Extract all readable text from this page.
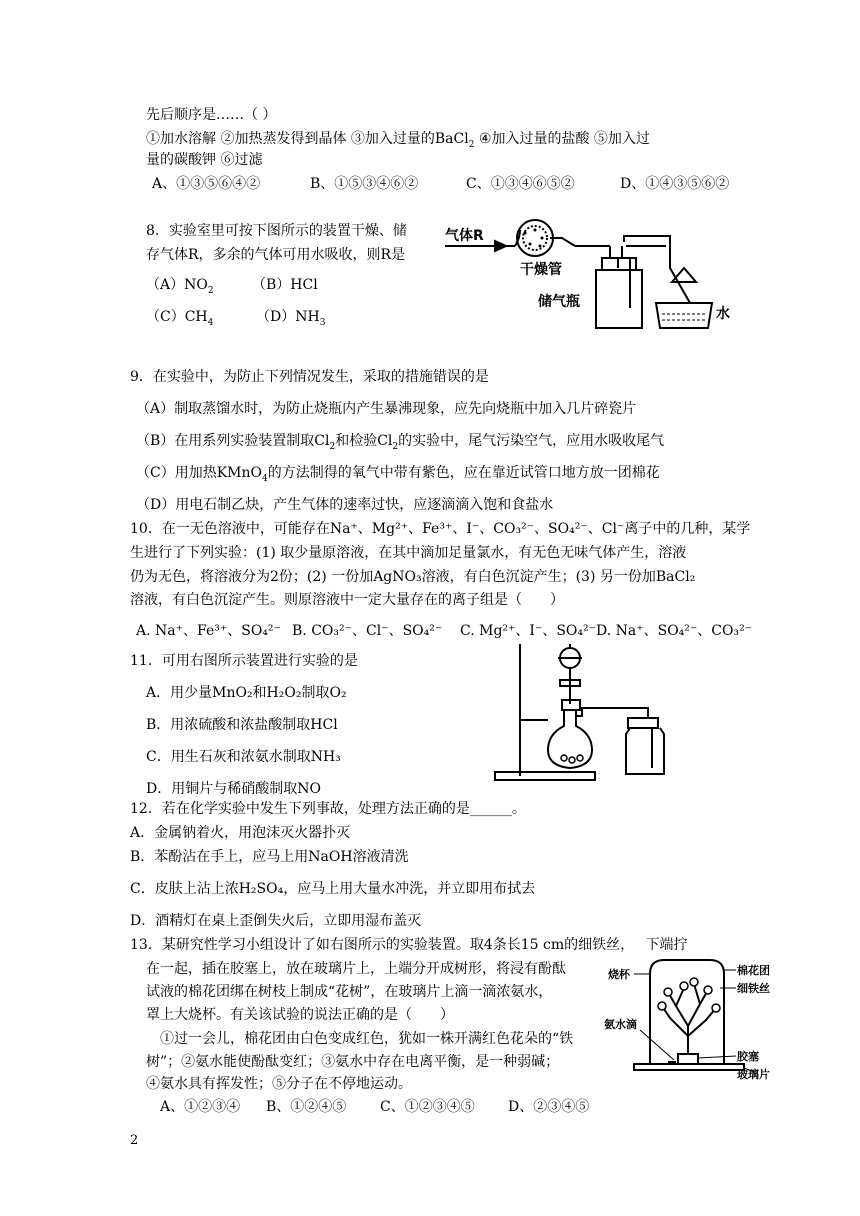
先后顺序是……（ ）
①加水溶解 ②加热蒸发得到晶体 ③加入过量的BaCl$_2$ ④加入过量的盐酸 ⑤加入过
量的碳酸钾 ⑥过滤
A、①③⑤⑥④②	B、①⑤③④⑥②	C、①③④⑥⑤②	D、①④③⑤⑥②
8．实验室里可按下图所示的装置干燥、储
存气体R，多余的气体可用水吸收，则R是
$(A)NO_2$	（B）HCl
$(C)CH_4$	$(D)NH_3$
气体R
干燥管
储气瓶
水
9．在实验中，为防止下列情况发生，采取的措施错误的是
（A）制取蒸馏水时，为防止烧瓶内产生暴沸现象，应先向烧瓶中加入几片碎瓷片
（B）在用系列实验装置制取$Cl_2$和检验$Cl_2$的实验中，尾气污染空气，应用水吸收尾气
（C）用加热KMnO$_4$的方法制得的氧气中带有紫色，应在靠近试管口地方放一团棉花
（D）用电石制乙炔，产生气体的速率过快，应逐滴滴入饱和食盐水
10．在一无色溶液中，可能存在Na⁺、Mg²⁺、Fe³⁺、I⁻、CO₃²⁻、SO₄²⁻、Cl⁻离子中的几种，某学
生进行了下列实验：(1) 取少量原溶液，在其中滴加足量氯水，有无色无味气体产生，溶液
仍为无色，将溶液分为2份；(2) 一份加AgNO₃溶液，有白色沉淀产生；(3) 另一份加BaCl₂
溶液，有白色沉淀产生。则原溶液中一定大量存在的离子组是（　　）
A. Na⁺、Fe³⁺、SO₄²⁻ B. CO₃²⁻、Cl⁻、SO₄²⁻ C. Mg²⁺、I⁻、SO₄²⁻ D. Na⁺、SO₄²⁻、CO₃²⁻
11．可用右图所示装置进行实验的是
A．用少量MnO₂和H₂O₂制取O₂
B．用浓硫酸和浓盐酸制取HCl
C．用生石灰和浓氨水制取NH₃
D．用铜片与稀硝酸制取NO
12．若在化学实验中发生下列事故，处理方法正确的是______。
A．金属钠着火，用泡沫灭火器扑灭
B．苯酚沾在手上，应马上用NaOH溶液清洗
C．皮肤上沾上浓H₂SO₄，应马上用大量水冲洗，并立即用布拭去
D．酒精灯在桌上歪倒失火后，立即用湿布盖灭
13．某研究性学习小组设计了如右图所示的实验装置。取4条长15 cm的细铁丝，　 下端拧
在一起，插在胶塞上，放在玻璃片上，上端分开成树形，将浸有酚酞
试液的棉花团绑在树枝上制成“花树”，在玻璃片上滴一滴浓氨水，
罩上大烧杯。有关该试验的说法正确的是（　　）
①过一会儿，棉花团由白色变成红色，犹如一株开满红色花朵的“铁
树”；②氨水能使酚酞变红；③氨水中存在电离平衡，是一种弱碱；
④氨水具有挥发性；⑤分子在不停地运动。
A、①②③④ B、①②④⑤ C、①②③④⑤ D、②③④⑤
烧杯	棉花团
细铁丝
氨水滴
胶塞
玻璃片
2
